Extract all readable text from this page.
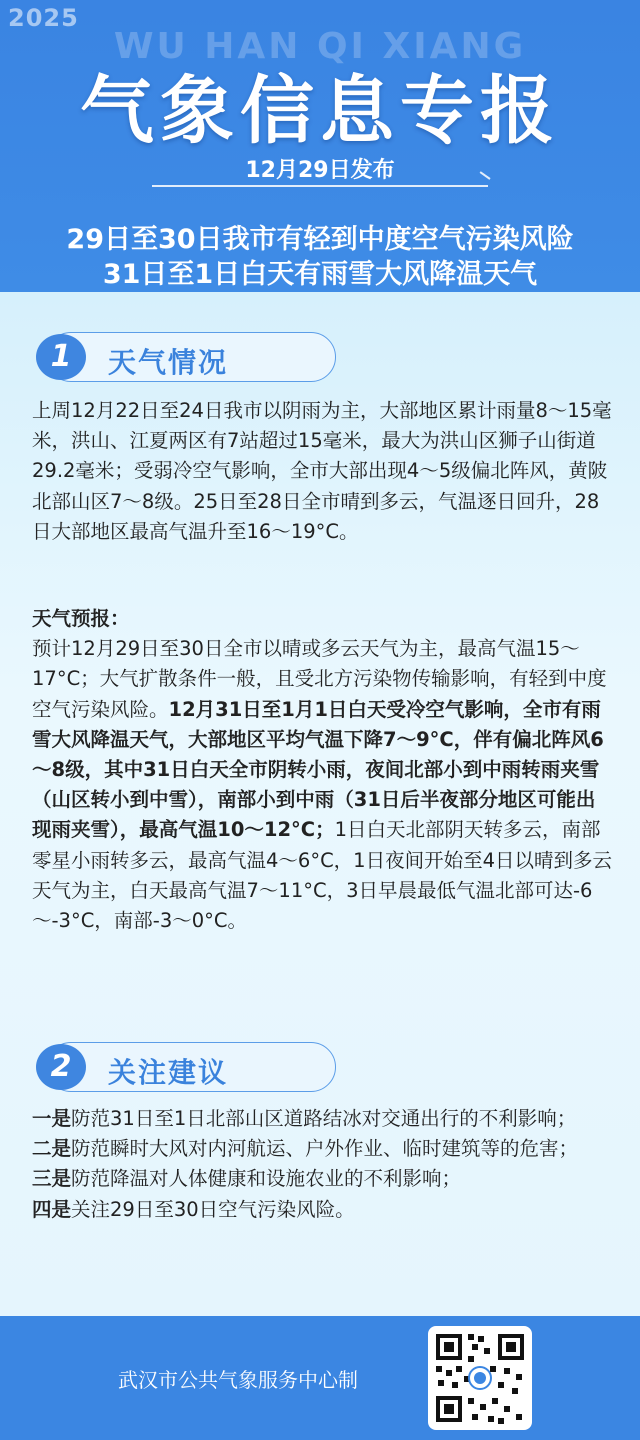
2025
WU HAN QI XIANG
气象信息专报
12月29日发布
29日至30日我市有轻到中度空气污染风险
31日至1日白天有雨雪大风降温天气
1	天气情况
上周12月22日至24日我市以阴雨为主，大部地区累计雨量8～15毫米，洪山、江夏两区有7站超过15毫米，最大为洪山区狮子山街道29.2毫米；受弱冷空气影响，全市大部出现4～5级偏北阵风，黄陂北部山区7～8级。25日至28日全市晴到多云，气温逐日回升，28日大部地区最高气温升至16～19°C。
天气预报：
预计12月29日至30日全市以晴或多云天气为主，最高气温15～17°C；大气扩散条件一般，且受北方污染物传输影响，有轻到中度空气污染风险。12月31日至1月1日白天受冷空气影响，全市有雨雪大风降温天气，大部地区平均气温下降7～9°C，伴有偏北阵风6～8级，其中31日白天全市阴转小雨，夜间北部小到中雨转雨夹雪（山区转小到中雪），南部小到中雨（31日后半夜部分地区可能出现雨夹雪），最高气温10～12°C；1日白天北部阴天转多云，南部零星小雨转多云，最高气温4～6°C，1日夜间开始至4日以晴到多云天气为主，白天最高气温7～11°C，3日早晨最低气温北部可达-6～-3°C，南部-3～0°C。
2	关注建议
一是防范31日至1日北部山区道路结冰对交通出行的不利影响；
二是防范瞬时大风对内河航运、户外作业、临时建筑等的危害；
三是防范降温对人体健康和设施农业的不利影响；
四是关注29日至30日空气污染风险。
武汉市公共气象服务中心制
